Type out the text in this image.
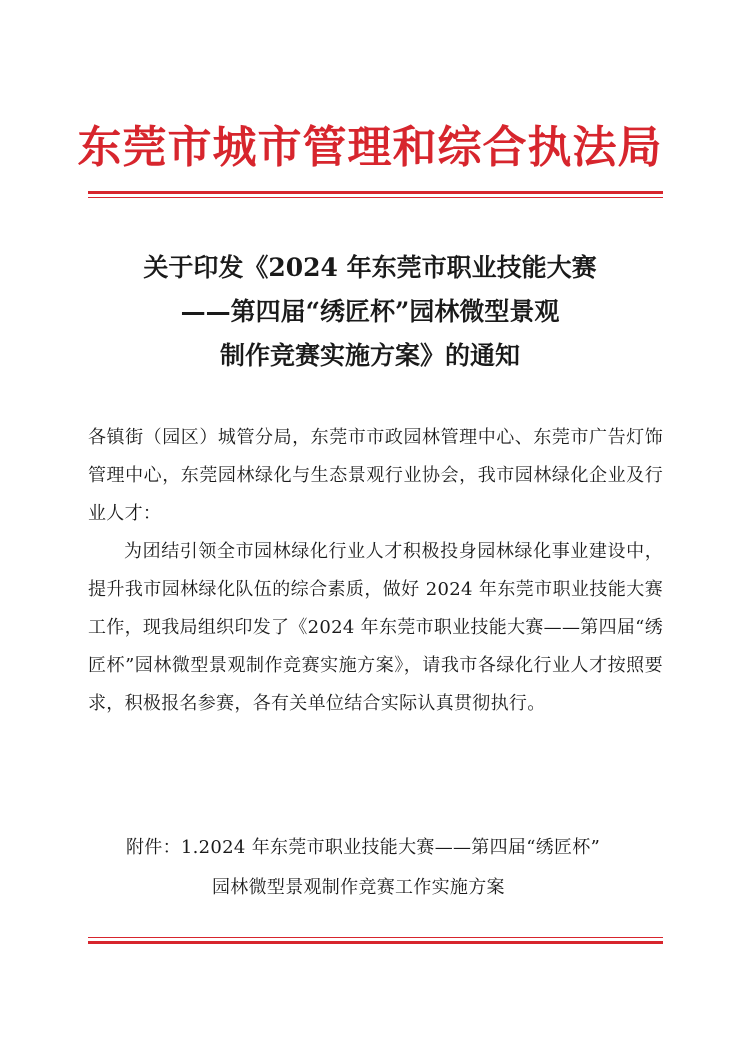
东莞市城市管理和综合执法局
关于印发《2024 年东莞市职业技能大赛
——第四届“绣匠杯”园林微型景观
制作竞赛实施方案》的通知
各镇街（园区）城管分局，东莞市市政园林管理中心、东莞市广告灯饰管理中心，东莞园林绿化与生态景观行业协会，我市园林绿化企业及行业人才：
为团结引领全市园林绿化行业人才积极投身园林绿化事业建设中，提升我市园林绿化队伍的综合素质，做好 2024 年东莞市职业技能大赛工作，现我局组织印发了《2024 年东莞市职业技能大赛——第四届“绣匠杯”园林微型景观制作竞赛实施方案》，请我市各绿化行业人才按照要求，积极报名参赛，各有关单位结合实际认真贯彻执行。
附件：1.2024 年东莞市职业技能大赛——第四届“绣匠杯”
园林微型景观制作竞赛工作实施方案
